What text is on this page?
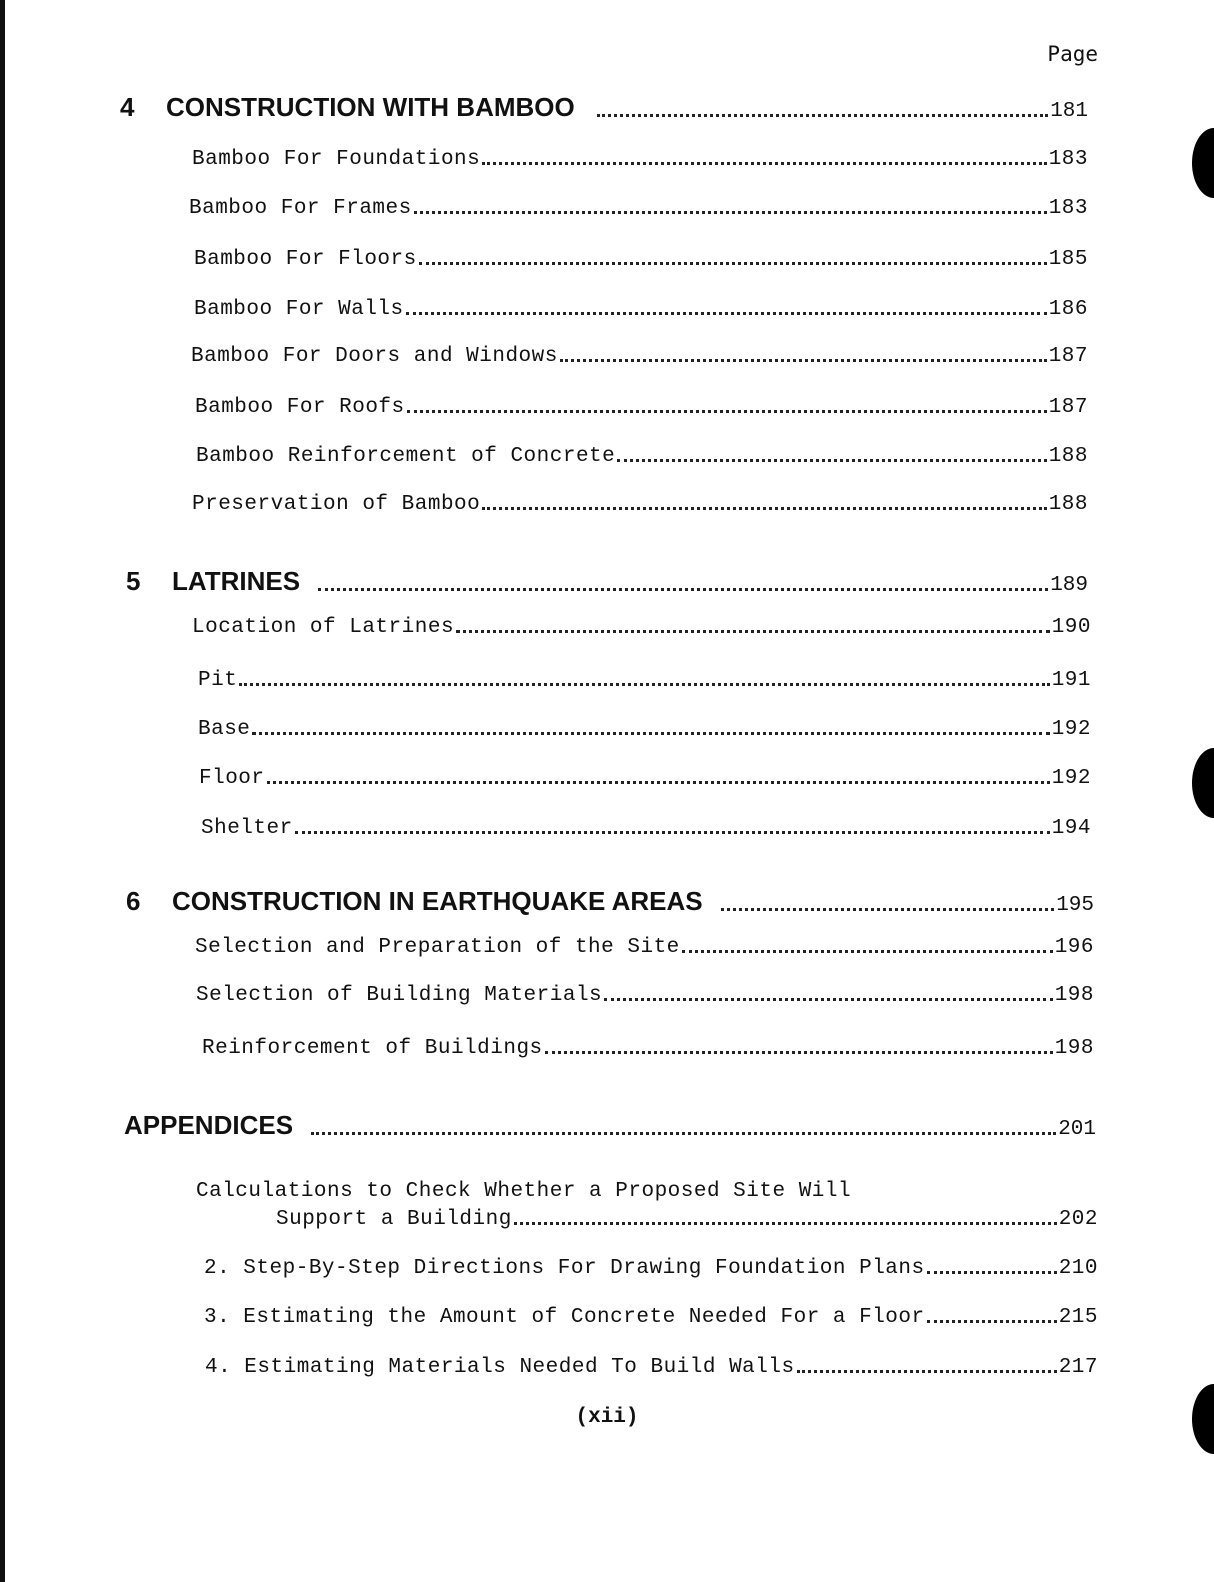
Page
4 CONSTRUCTION WITH BAMBOO	181
Bamboo For Foundations	183
Bamboo For Frames	183
Bamboo For Floors	185
Bamboo For Walls	186
Bamboo For Doors and Windows	187
Bamboo For Roofs	187
Bamboo Reinforcement of Concrete	188
Preservation of Bamboo	188
5 LATRINES	189
Location of Latrines	190
Pit	191
Base	192
Floor	192
Shelter	194
6 CONSTRUCTION IN EARTHQUAKE AREAS	195
Selection and Preparation of the Site	196
Selection of Building Materials	198
Reinforcement of Buildings	198
APPENDICES	201
Calculations to Check Whether a Proposed Site Will
Support a Building	202
2. Step-By-Step Directions For Drawing Foundation Plans	210
3. Estimating the Amount of Concrete Needed For a Floor	215
4. Estimating Materials Needed To Build Walls	217
(xii)
